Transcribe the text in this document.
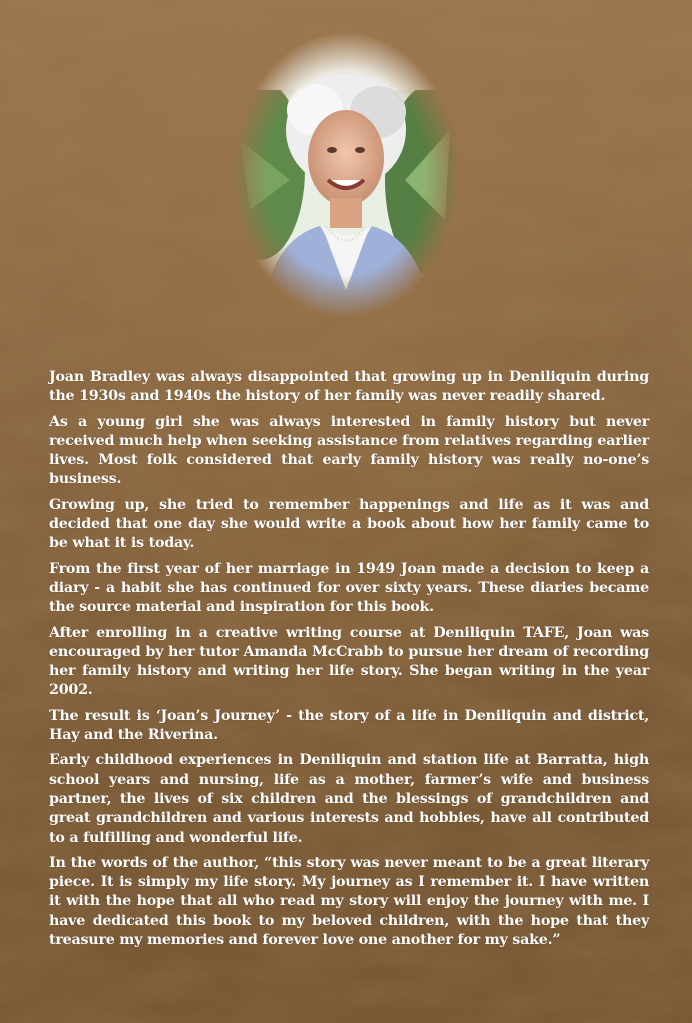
Joan Bradley was always disappointed that growing up in Deniliquin during the 1930s and 1940s the history of her family was never readily shared.

As a young girl she was always interested in family history but never received much help when seeking assistance from relatives regarding earlier lives. Most folk considered that early family history was really no-one’s business.

Growing up, she tried to remember happenings and life as it was and decided that one day she would write a book about how her family came to be what it is today.

From the first year of her marriage in 1949 Joan made a decision to keep a diary - a habit she has continued for over sixty years. These diaries became the source material and inspiration for this book.

After enrolling in a creative writing course at Deniliquin TAFE, Joan was encouraged by her tutor Amanda McCrabb to pursue her dream of recording her family history and writing her life story. She began writing in the year 2002.

The result is ‘Joan’s Journey’ - the story of a life in Deniliquin and district, Hay and the Riverina.

Early childhood experiences in Deniliquin and station life at Barratta, high school years and nursing, life as a mother, farmer’s wife and business partner, the lives of six children and the blessings of grandchildren and great grandchildren and various interests and hobbies, have all contributed to a fulfilling and wonderful life.

In the words of the author, “this story was never meant to be a great literary piece. It is simply my life story. My journey as I remember it. I have written it with the hope that all who read my story will enjoy the journey with me. I have dedicated this book to my beloved children, with the hope that they treasure my memories and forever love one another for my sake.”
